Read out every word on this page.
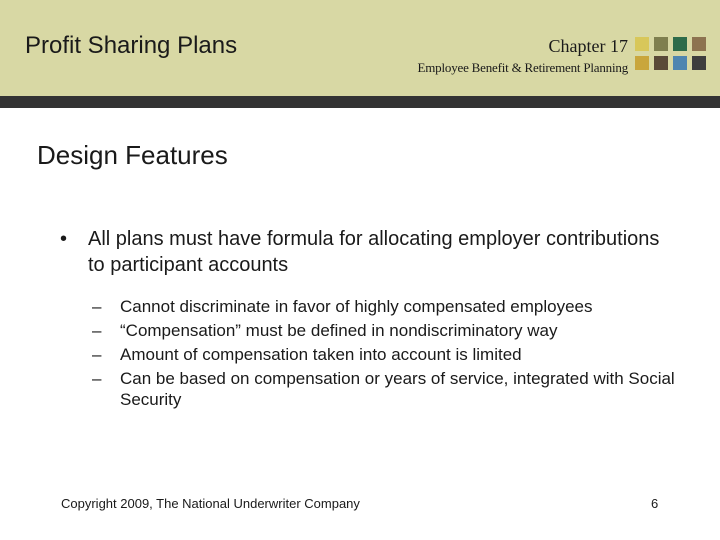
Profit Sharing Plans	Chapter 17
Employee Benefit & Retirement Planning
Design Features
• All plans must have formula for allocating employer contributions to participant accounts
– Cannot discriminate in favor of highly compensated employees
– “Compensation” must be defined in nondiscriminatory way
– Amount of compensation taken into account is limited
– Can be based on compensation or years of service, integrated with Social Security
Copyright 2009, The National Underwriter Company	6
